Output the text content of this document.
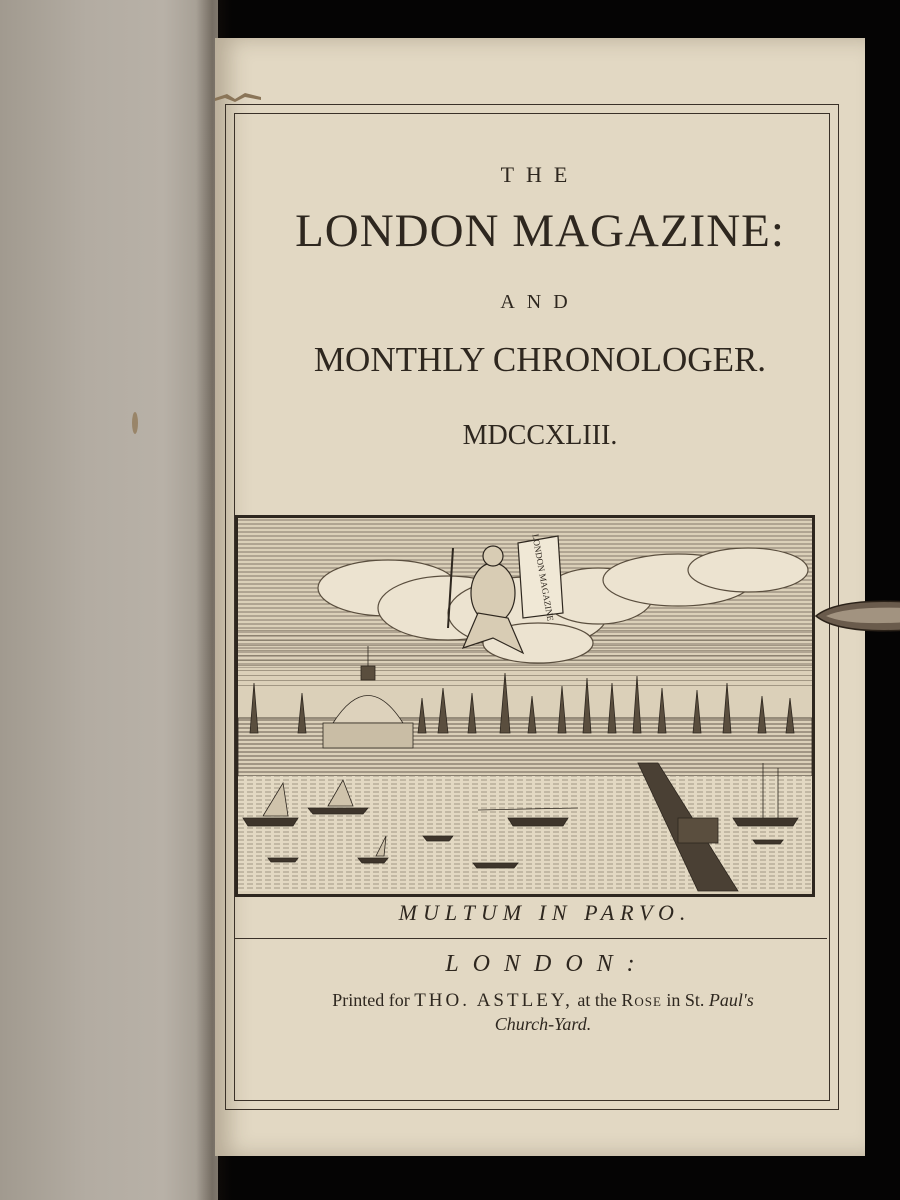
THE
LONDON MAGAZINE:
AND
MONTHLY CHRONOLOGER.
MDCCXLIII.
LONDON MAGAZINE
MULTUM IN PARVO.
LONDON:
Printed for THO. ASTLEY, at the Rose in St. Paul's
Church-Yard.
